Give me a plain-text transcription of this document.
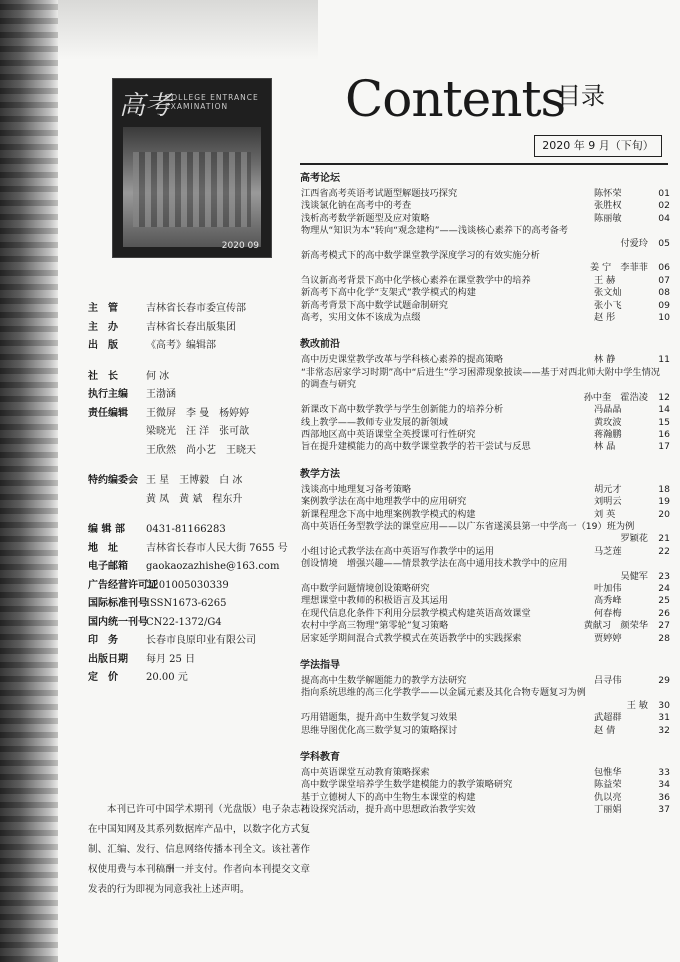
高考
COLLEGE ENTRANCE EXAMINATION
2020 09
主　管	吉林省长春市委宣传部
主　办	吉林省长春出版集团
出　版	《高考》编辑部
社　长	何 冰
执行主编	王渤涵
责任编辑	王微屏　李 曼　杨婷婷
梁晓光　汪 洋　张可歆
王欣然　尚小艺　王晓天
特约编委会 王 星　王博毅　白 冰
黄 凤　黄 斌　程东升
编 辑 部	0431-81166283
地　址	吉林省长春市人民大街 7655 号
电子邮箱	gaokaozazhishe@163.com
广告经营许可证
2201005030339
国际标准刊号
ISSN1673-6265
国内统一刊号
CN22-1372/G4
印　务	长春市良原印业有限公司
出版日期	每月 25 日
定　价	20.00 元
本刊已许可中国学术期刊（光盘版）电子杂志社在中国知网及其系列数据库产品中，以数字化方式复制、汇编、发行、信息网络传播本刊全文。该社著作权使用费与本刊稿酬一并支付。作者向本刊提交文章发表的行为即视为同意我社上述声明。
Contents
目录
2020 年 9 月（下旬）
高考论坛
江西省高考英语考试题型解题技巧探究	陈怀荣	01
浅谈氯化钠在高考中的考查	张胜权	02
浅析高考数学新题型及应对策略	陈丽敏	04
物理从“知识为本”转向“观念建构”——浅谈核心素养下的高考备考
付爱玲	05
新高考模式下的高中数学课堂教学深度学习的有效实施分析
姜 宁　李菲菲	06
刍议新高考背景下高中化学核心素养在课堂教学中的培养	王 赫	07
新高考下高中化学“支架式”教学模式的构建	张文灿	08
新高考背景下高中数学试题命制研究	张小飞	09
高考，实用文体不该成为点缀	赵 彤	10
教改前沿
高中历史课堂教学改革与学科核心素养的提高策略	林 静	11
“非常态居家学习时期”高中“后进生”学习困滞现象披读——基于对西北师大附中学生情况的调查与研究
孙中奎　霍浩凌	12
新课改下高中数学教学与学生创新能力的培养分析	冯晶晶	14
线上教学——教师专业发展的新领域	黄玫波	15
西部地区高中英语课堂全英授课可行性研究	蒋瀚鹏	16
旨在提升建模能力的高中数学课堂教学的若干尝试与反思	林 晶	17
教学方法
浅谈高中地理复习备考策略	胡元才	18
案例教学法在高中地理教学中的应用研究	刘明云	19
新课程理念下高中地理案例教学模式的构建	刘 英	20
高中英语任务型教学法的课堂应用——以广东省遂溪县第一中学高一（19）班为例
罗颖花	21
小组讨论式教学法在高中英语写作教学中的运用	马芝莲	22
创设情境　增强兴趣——情景教学法在高中通用技术教学中的应用
吴健军	23
高中数学问题情境创设策略研究	叶加伟	24
理想课堂中教师的积极语言及其运用	高秀峰	25
在现代信息化条件下利用分层教学模式构建英语高效课堂	何春梅	26
农村中学高三物理“第零轮”复习策略	黄献习　颜荣华	27
居家延学期间混合式教学模式在英语教学中的实践探索	贾婷婷	28
学法指导
提高高中生数学解题能力的教学方法研究	吕寻伟	29
指向系统思维的高三化学教学——以金属元素及其化合物专题复习为例
王 敏	30
巧用错题集，提升高中生数学复习效果	武超群	31
思维导图优化高三数学复习的策略探讨	赵 倩	32
学科教育
高中英语课堂互动教育策略探索	包惟华	33
高中数学课堂培养学生数学建模能力的教学策略研究	陈益荣	34
基于立德树人下的高中生物生本课堂的构建	仇以亮	36
巧设探究活动，提升高中思想政治教学实效	丁丽娟	37
